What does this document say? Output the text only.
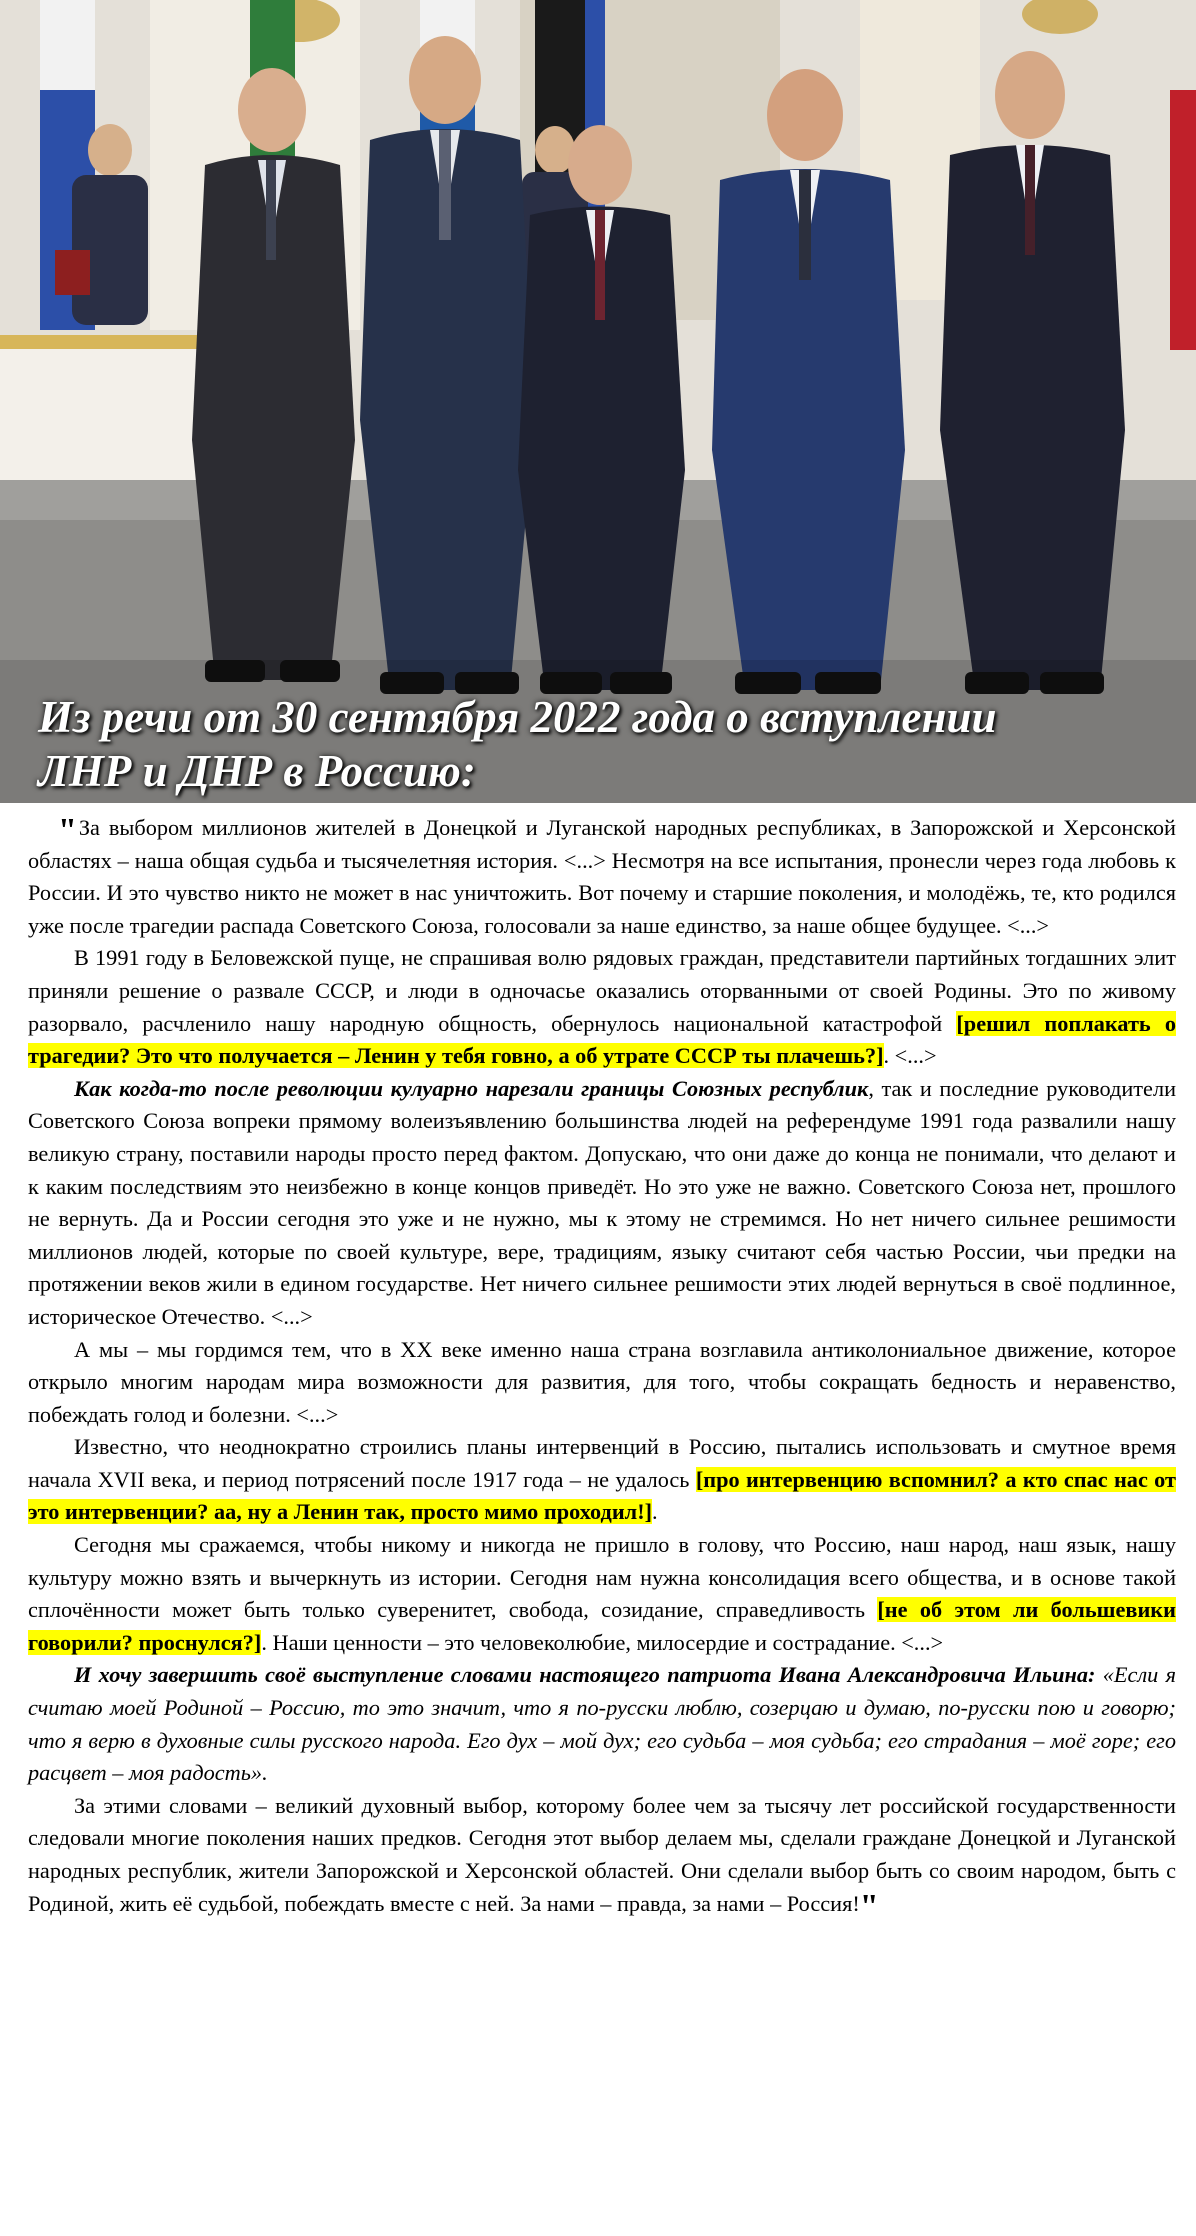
Из речи от 30 сентября 2022 года о вступлении
ЛНР и ДНР в Россию:

"За выбором миллионов жителей в Донецкой и Луганской народных республиках, в Запорожской и Херсонской областях – наша общая судьба и тысячелетняя история. <...> Несмотря на все испытания, пронесли через года любовь к России. И это чувство никто не может в нас уничтожить. Вот почему и старшие поколения, и молодёжь, те, кто родился уже после трагедии распада Советского Союза, голосовали за наше единство, за наше общее будущее. <...>

В 1991 году в Беловежской пуще, не спрашивая волю рядовых граждан, представители партийных тогдашних элит приняли решение о развале СССР, и люди в одночасье оказались оторванными от своей Родины. Это по живому разорвало, расчленило нашу народную общность, обернулось национальной катастрофой [решил поплакать о трагедии? Это что получается – Ленин у тебя говно, а об утрате СССР ты плачешь?]. <...>

Как когда-то после революции кулуарно нарезали границы Союзных республик, так и последние руководители Советского Союза вопреки прямому волеизъявлению большинства людей на референдуме 1991 года развалили нашу великую страну, поставили народы просто перед фактом. Допускаю, что они даже до конца не понимали, что делают и к каким последствиям это неизбежно в конце концов приведёт. Но это уже не важно. Советского Союза нет, прошлого не вернуть. Да и России сегодня это уже и не нужно, мы к этому не стремимся. Но нет ничего сильнее решимости миллионов людей, которые по своей культуре, вере, традициям, языку считают себя частью России, чьи предки на протяжении веков жили в едином государстве. Нет ничего сильнее решимости этих людей вернуться в своё подлинное, историческое Отечество. <...>

А мы – мы гордимся тем, что в XX веке именно наша страна возглавила антиколониальное движение, которое открыло многим народам мира возможности для развития, для того, чтобы сокращать бедность и неравенство, побеждать голод и болезни. <...>

Известно, что неоднократно строились планы интервенций в Россию, пытались использовать и смутное время начала XVII века, и период потрясений после 1917 года – не удалось [про интервенцию вспомнил? а кто спас нас от это интервенции? аа, ну а Ленин так, просто мимо проходил!].

Сегодня мы сражаемся, чтобы никому и никогда не пришло в голову, что Россию, наш народ, наш язык, нашу культуру можно взять и вычеркнуть из истории. Сегодня нам нужна консолидация всего общества, и в основе такой сплочённости может быть только суверенитет, свобода, созидание, справедливость [не об этом ли большевики говорили? проснулся?]. Наши ценности – это человеколюбие, милосердие и сострадание. <...>

И хочу завершить своё выступление словами настоящего патриота Ивана Александровича Ильина: «Если я считаю моей Родиной – Россию, то это значит, что я по-русски люблю, созерцаю и думаю, по-русски пою и говорю; что я верю в духовные силы русского народа. Его дух – мой дух; его судьба – моя судьба; его страдания – моё горе; его расцвет – моя радость».

За этими словами – великий духовный выбор, которому более чем за тысячу лет российской государственности следовали многие поколения наших предков. Сегодня этот выбор делаем мы, сделали граждане Донецкой и Луганской народных республик, жители Запорожской и Херсонской областей. Они сделали выбор быть со своим народом, быть с Родиной, жить её судьбой, побеждать вместе с ней. За нами – правда, за нами – Россия!"
